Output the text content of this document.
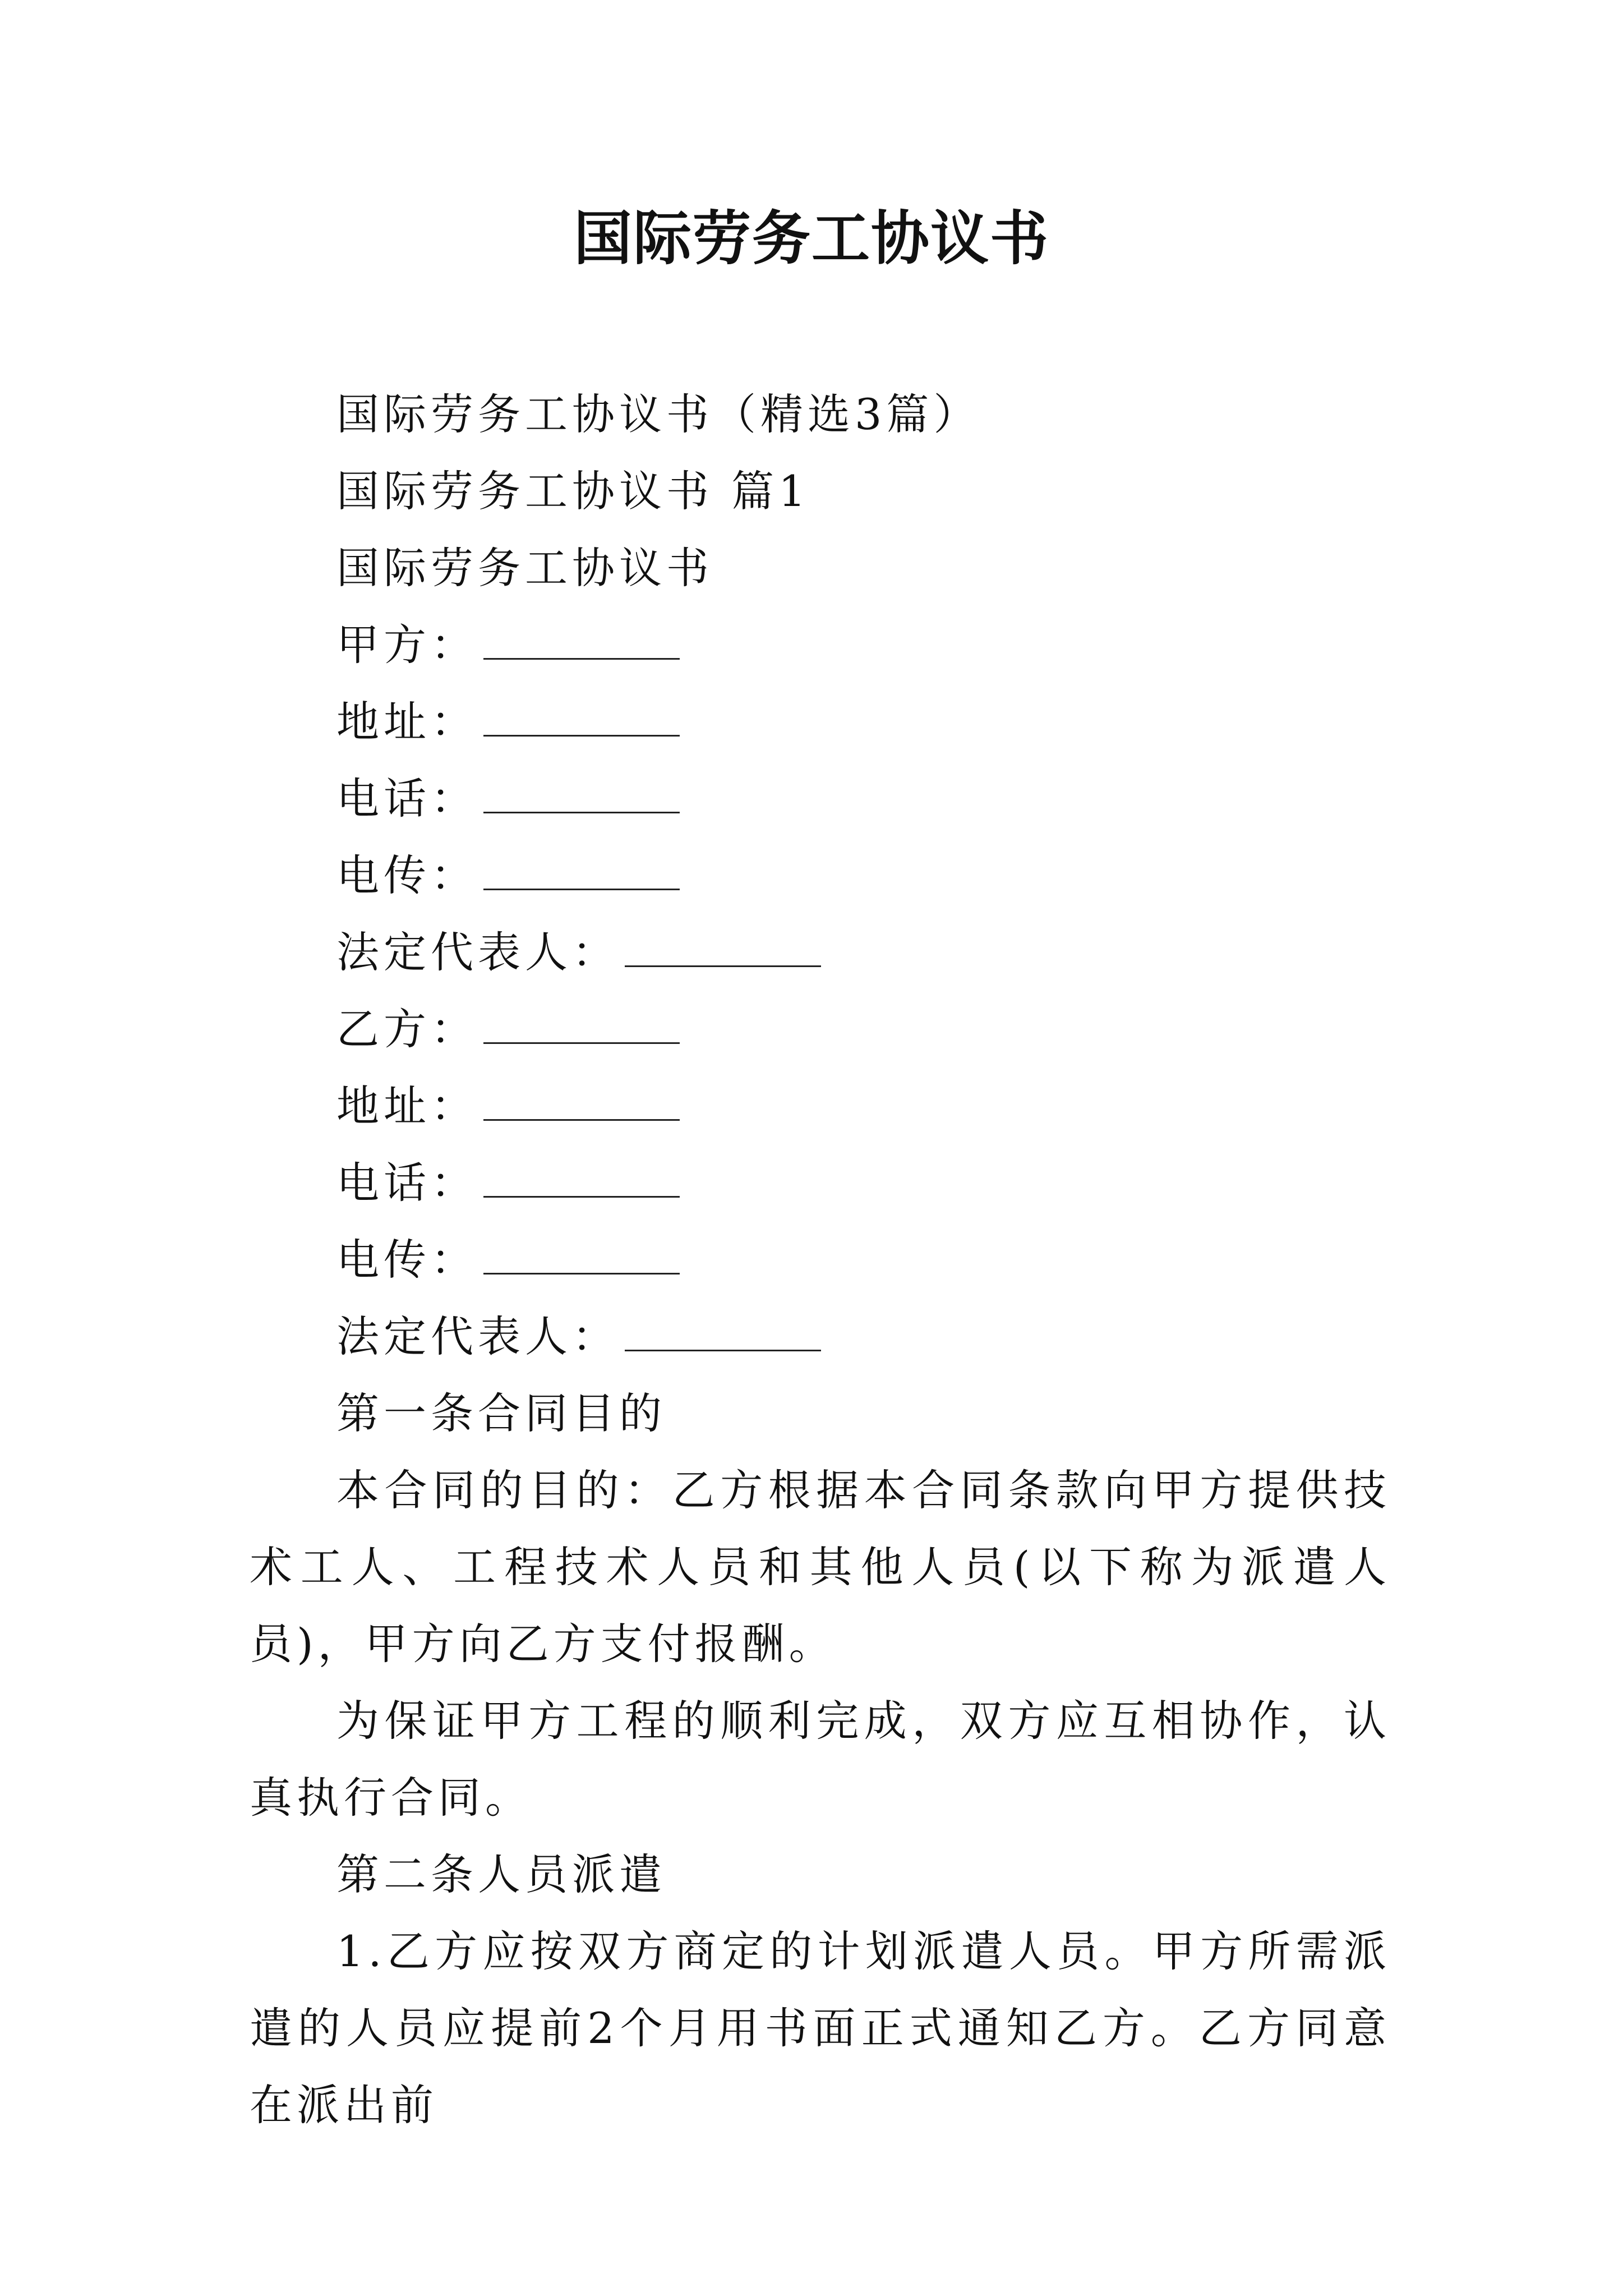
国际劳务工协议书
国际劳务工协议书（精选3篇）
国际劳务工协议书 篇1
国际劳务工协议书
甲方：
地址：
电话：
电传：
法定代表人：
乙方：
地址：
电话：
电传：
法定代表人：
第一条合同目的
本合同的目的：乙方根据本合同条款向甲方提供技术工人、工程技术人员和其他人员(以下称为派遣人员)，甲方向乙方支付报酬。
为保证甲方工程的顺利完成，双方应互相协作，认真执行合同。
第二条人员派遣
1.乙方应按双方商定的计划派遣人员。甲方所需派遣的人员应提前2个月用书面正式通知乙方。乙方同意在派出前
